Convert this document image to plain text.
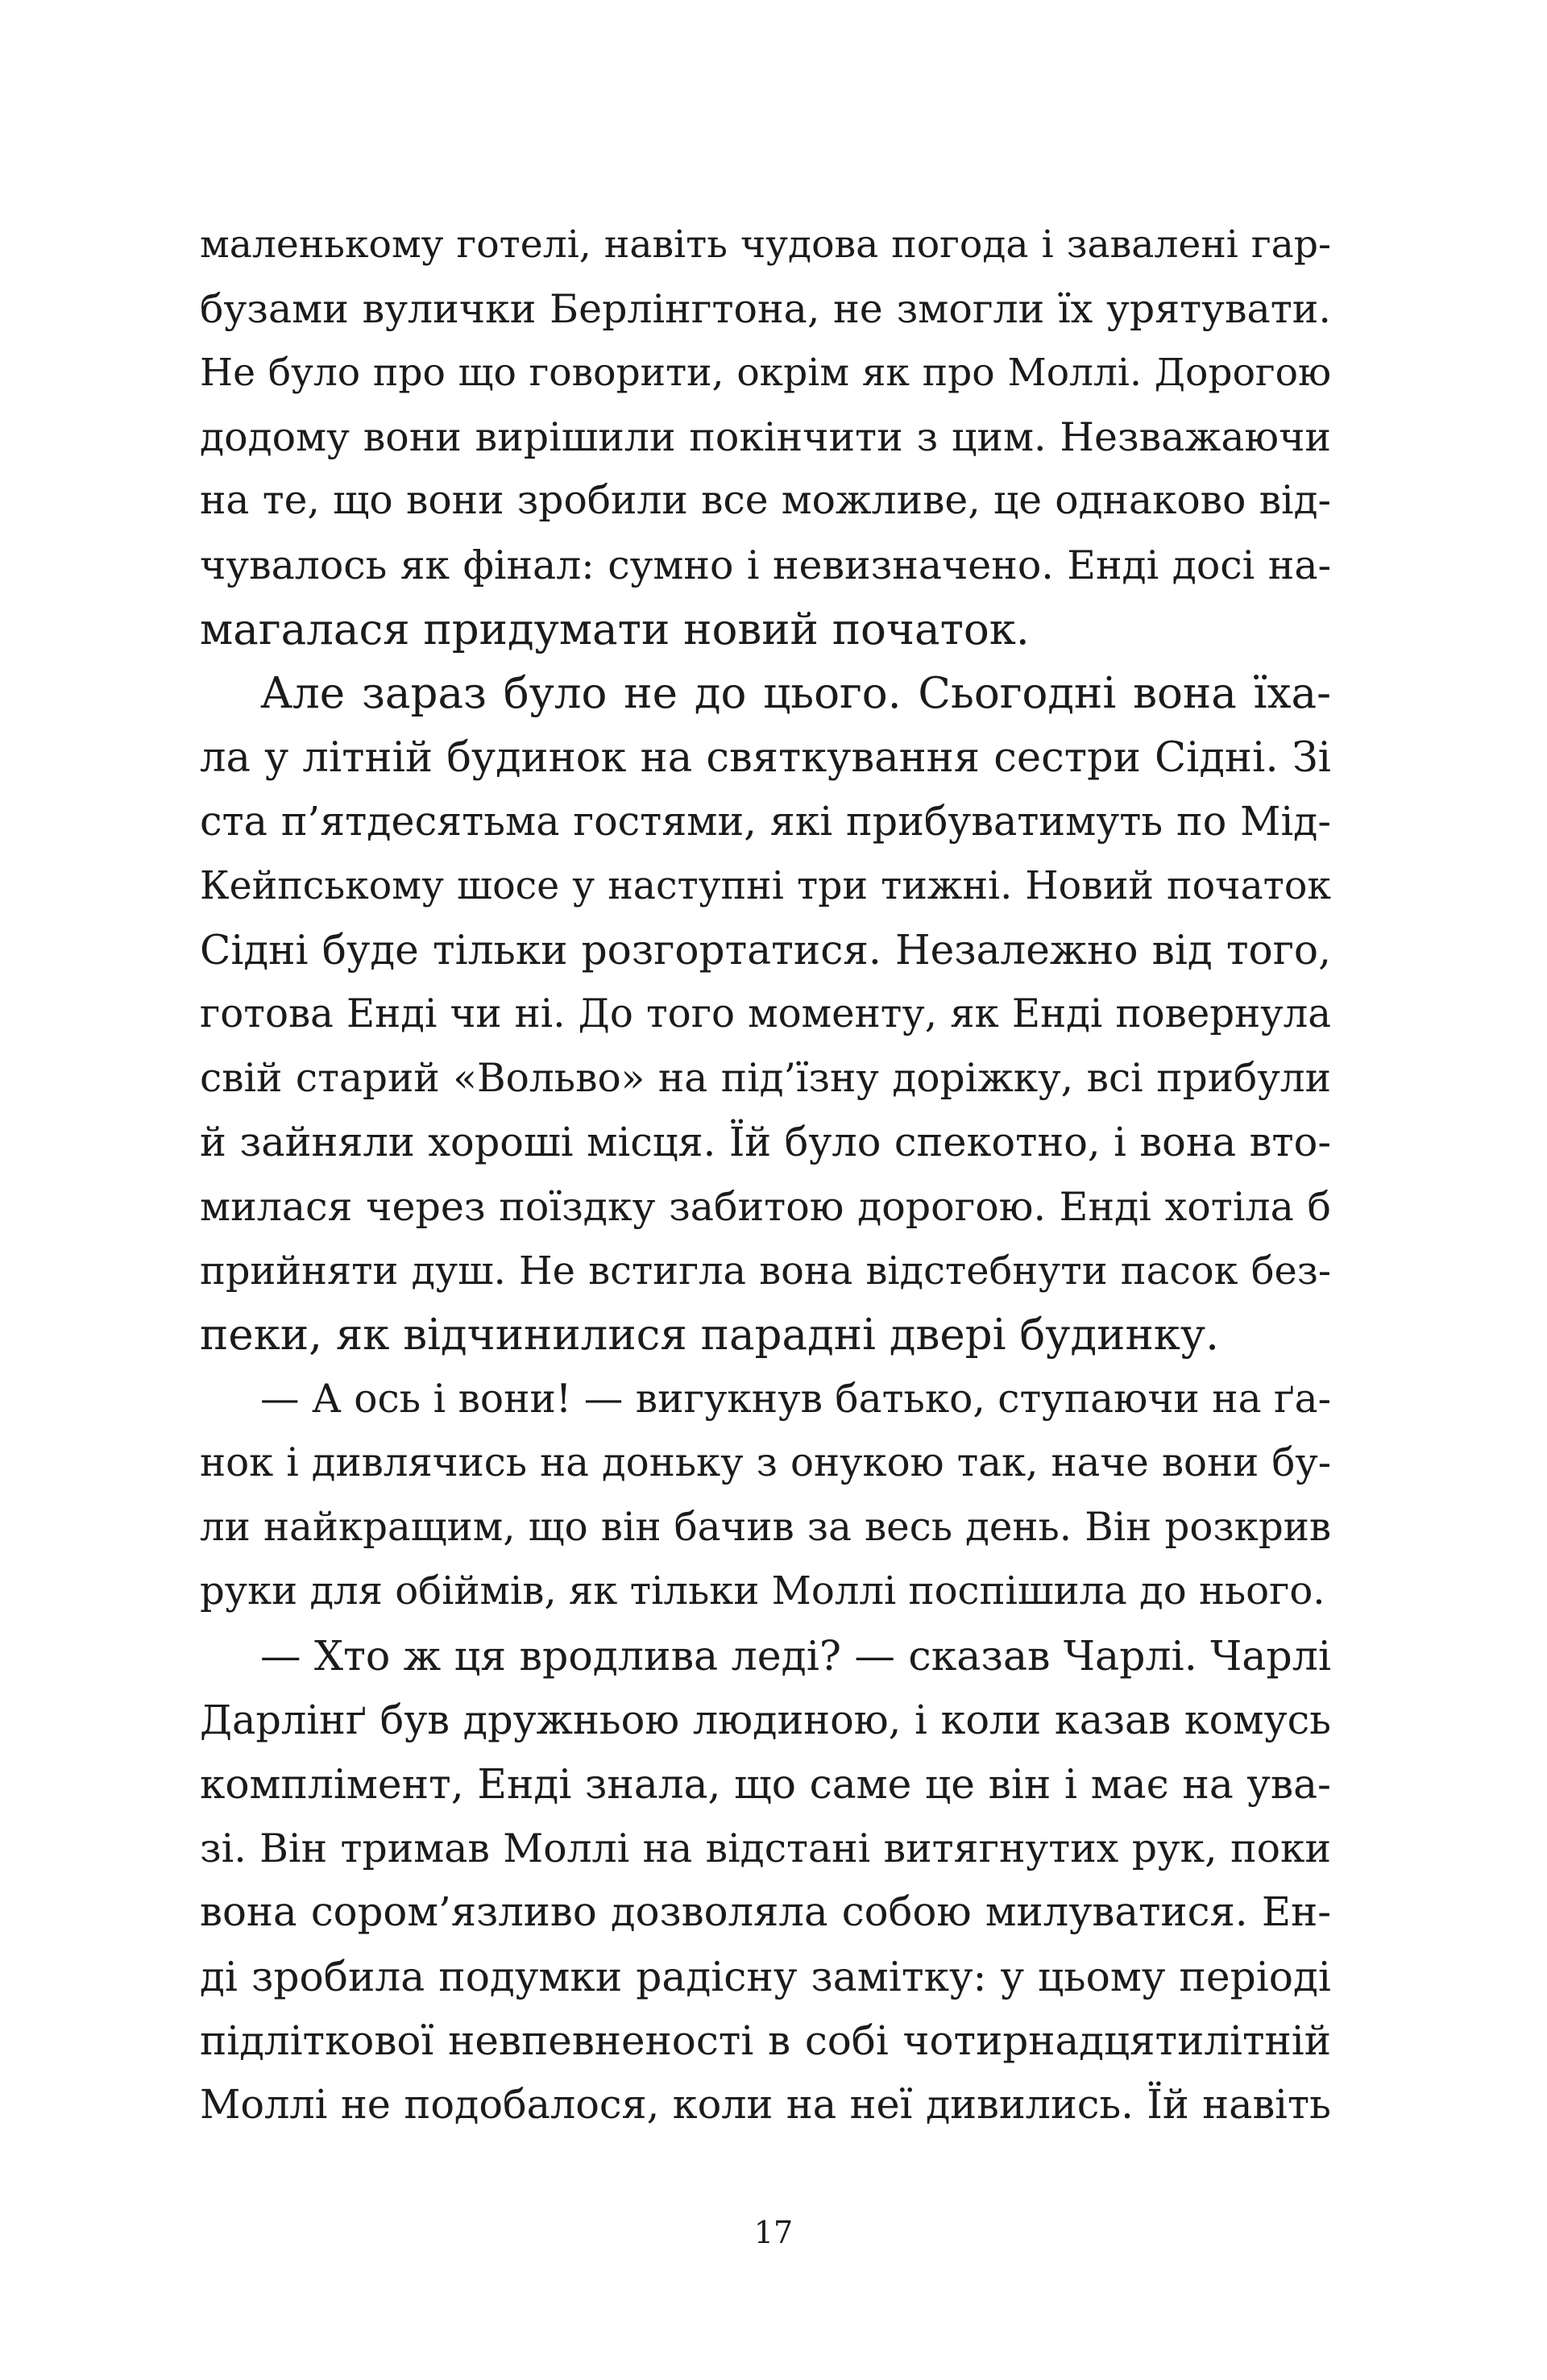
маленькому готелі, навіть чудова погода і завалені гар-
бузами вулички Берлінгтона, не змогли їх урятувати.
Не було про що говорити, окрім як про Моллі. Дорогою
додому вони вирішили покінчити з цим. Незважаючи
на те, що вони зробили все можливе, це однаково від-
чувалось як фінал: сумно і невизначено. Енді досі на-
магалася придумати новий початок.
Але зараз було не до цього. Сьогодні вона їха-
ла у літній будинок на святкування сестри Сідні. Зі
ста п’ятдесятьма гостями, які прибуватимуть по Мід-
Кейпському шосе у наступні три тижні. Новий початок
Сідні буде тільки розгортатися. Незалежно від того,
готова Енді чи ні. До того моменту, як Енді повернула
свій старий «Вольво» на під’їзну доріжку, всі прибули
й зайняли хороші місця. Їй було спекотно, і вона вто-
милася через поїздку забитою дорогою. Енді хотіла б
прийняти душ. Не встигла вона відстебнути пасок без-
пеки, як відчинилися парадні двері будинку.
— А ось і вони! — вигукнув батько, ступаючи на ґа-
нок і дивлячись на доньку з онукою так, наче вони бу-
ли найкращим, що він бачив за весь день. Він розкрив
руки для обіймів, як тільки Моллі поспішила до нього.
— Хто ж ця вродлива леді? — сказав Чарлі. Чарлі
Дарлінґ був дружньою людиною, і коли казав комусь
комплімент, Енді знала, що саме це він і має на ува-
зі. Він тримав Моллі на відстані витягнутих рук, поки
вона сором’язливо дозволяла собою милуватися. Ен-
ді зробила подумки радісну замітку: у цьому періоді
підліткової невпевненості в собі чотирнадцятилітній
Моллі не подобалося, коли на неї дивились. Їй навіть
17
